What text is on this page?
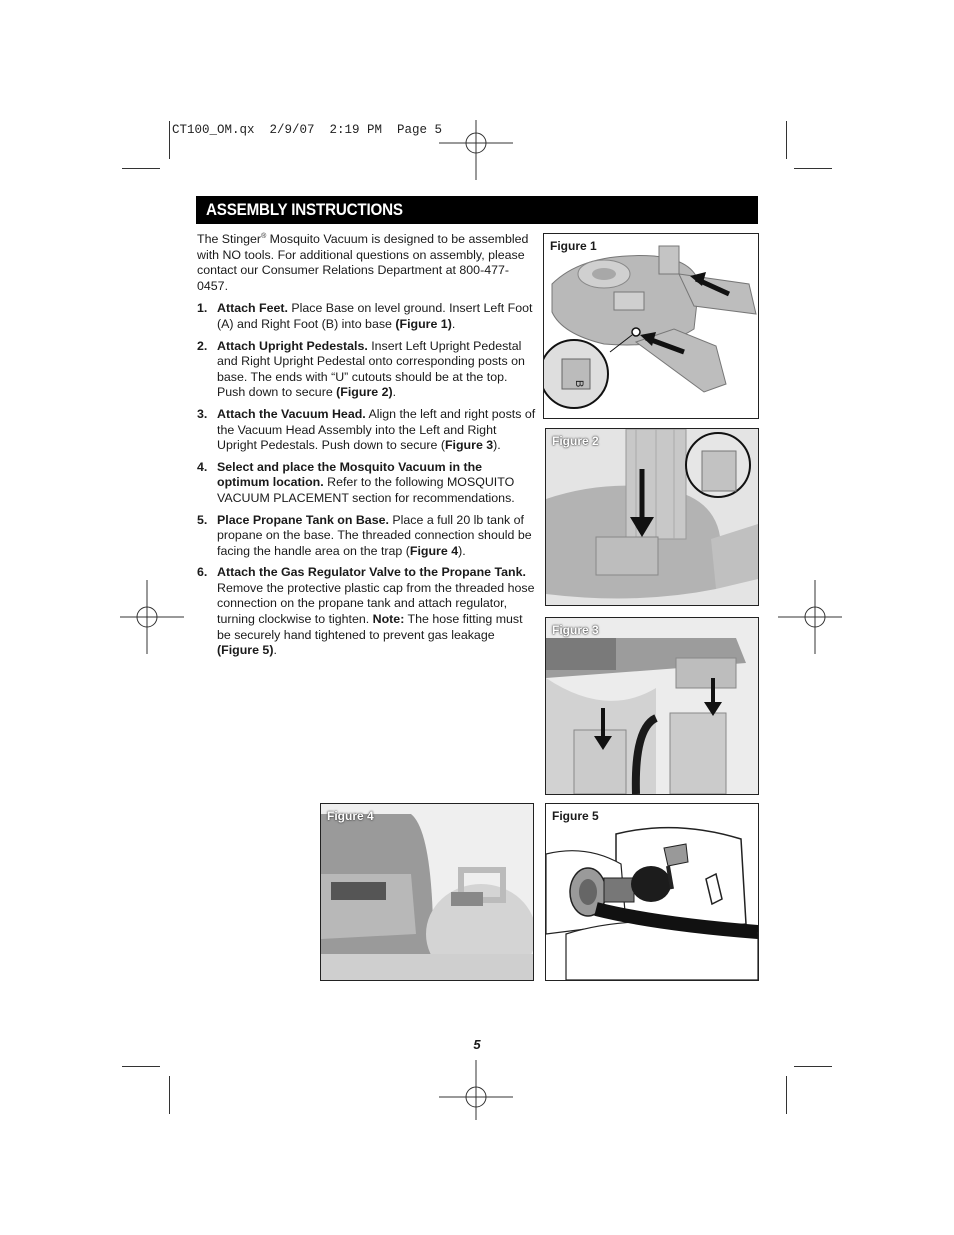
CT100_OM.qx  2/9/07  2:19 PM  Page 5
ASSEMBLY INSTRUCTIONS

The Stinger® Mosquito Vacuum is designed to be assembled with NO tools. For additional questions on assembly, please contact our Consumer Relations Department at 800-477-0457.

1. Attach Feet. Place Base on level ground. Insert Left Foot (A) and Right Foot (B) into base (Figure 1).
2. Attach Upright Pedestals. Insert Left Upright Pedestal and Right Upright Pedestal onto corresponding posts on base. The ends with “U” cutouts should be at the top. Push down to secure (Figure 2).
3. Attach the Vacuum Head. Align the left and right posts of the Vacuum Head Assembly into the Left and Right Upright Pedestals. Push down to secure (Figure 3).
4. Select and place the Mosquito Vacuum in the optimum location. Refer to the following MOSQUITO VACUUM PLACEMENT section for recommendations.
5. Place Propane Tank on Base. Place a full 20 lb tank of propane on the base. The threaded connection should be facing the handle area on the trap (Figure 4).
6. Attach the Gas Regulator Valve to the Propane Tank. Remove the protective plastic cap from the threaded hose connection on the propane tank and attach regulator, turning clockwise to tighten. Note: The hose fitting must be securely hand tightened to prevent gas leakage (Figure 5).
Figure 1
B
Figure 2
Figure 3
Figure 4	Figure 5
5
